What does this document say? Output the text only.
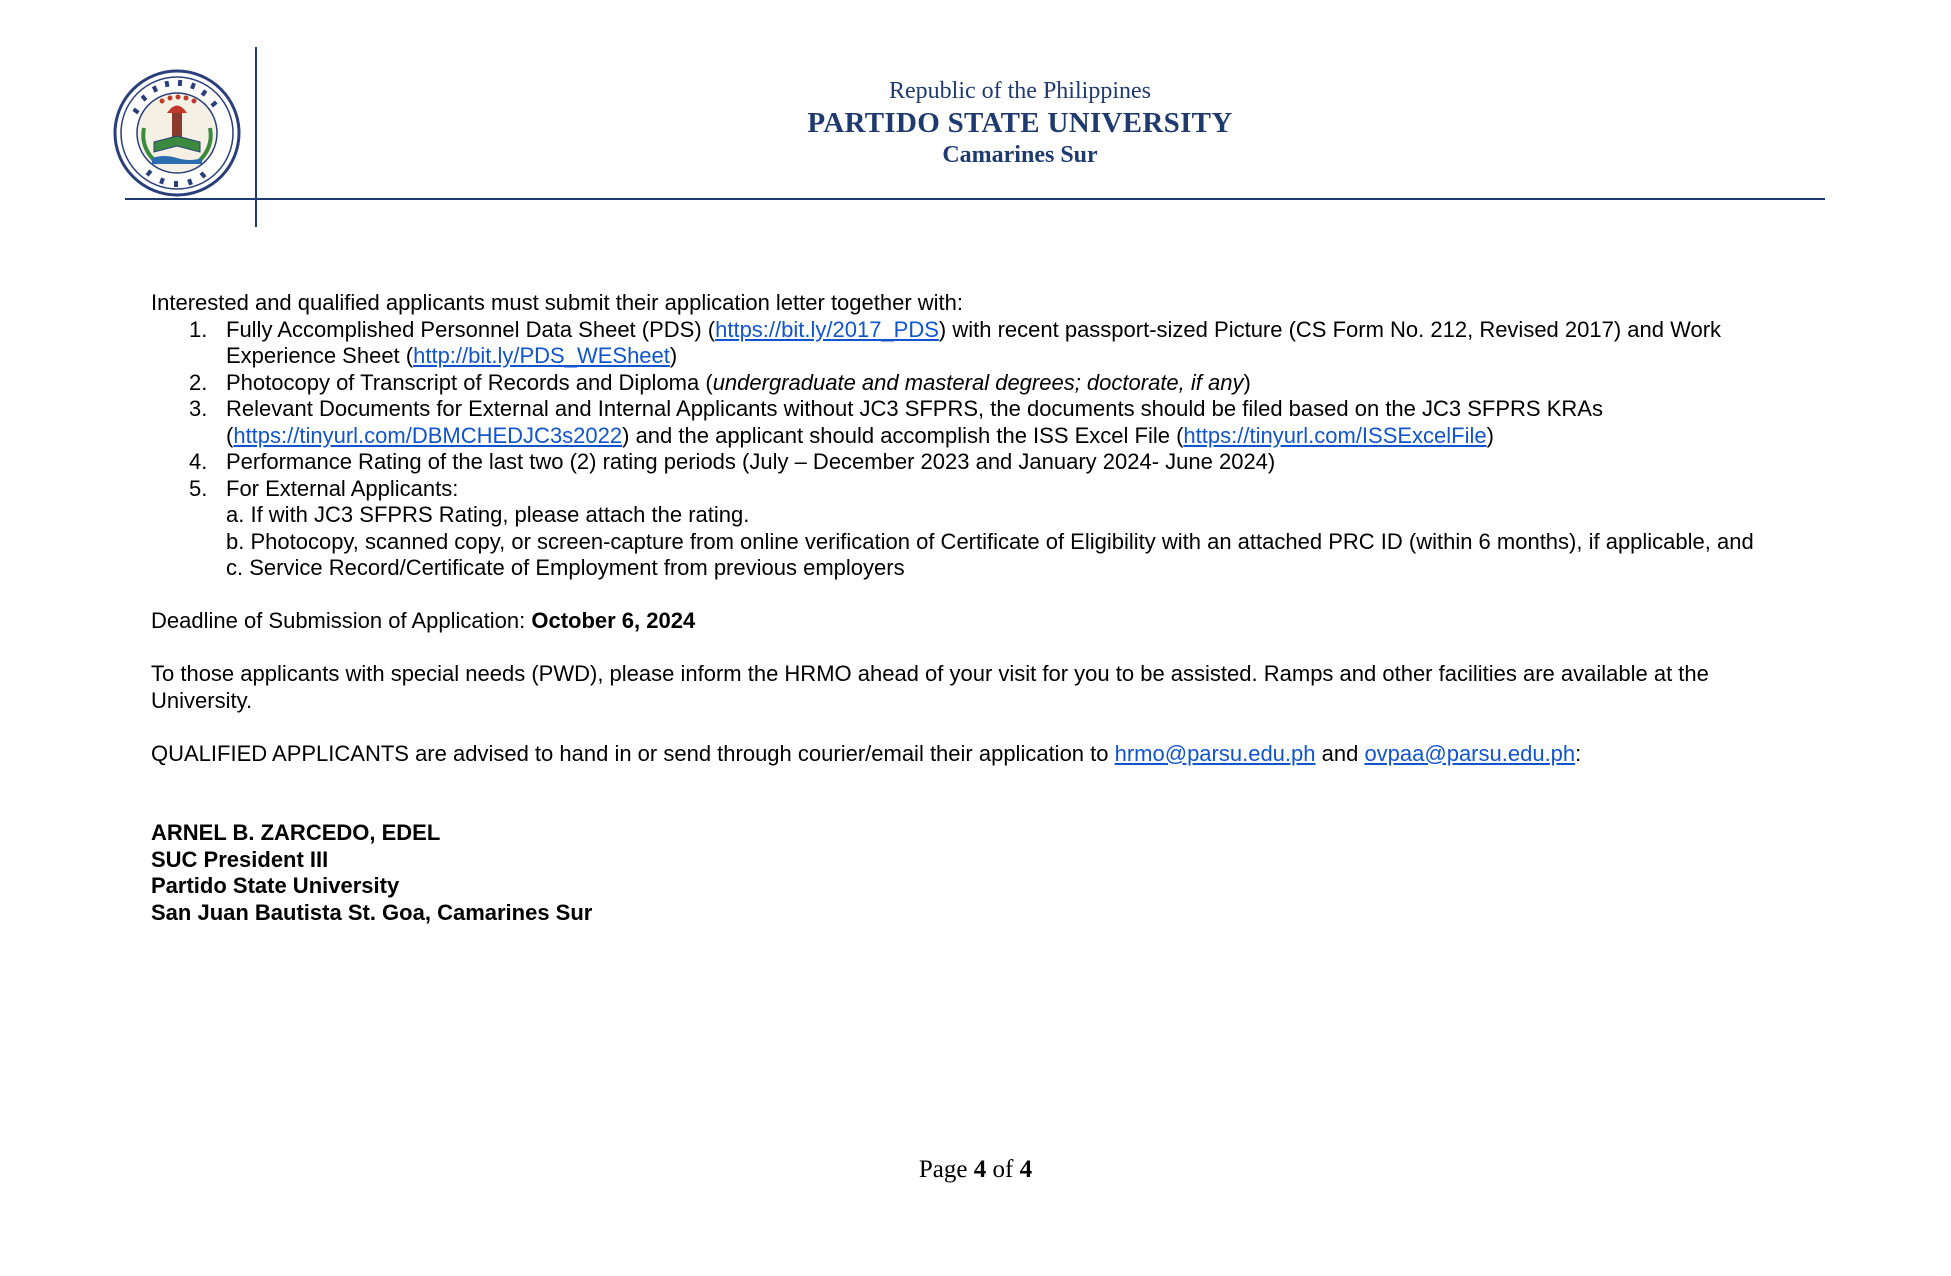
Republic of the Philippines
PARTIDO STATE UNIVERSITY
Camarines Sur

Interested and qualified applicants must submit their application letter together with:

1. Fully Accomplished Personnel Data Sheet (PDS) (https://bit.ly/2017_PDS) with recent passport-sized Picture (CS Form No. 212, Revised 2017) and Work Experience Sheet (http://bit.ly/PDS_WESheet)
2. Photocopy of Transcript of Records and Diploma (undergraduate and masteral degrees; doctorate, if any)
3. Relevant Documents for External and Internal Applicants without JC3 SFPRS, the documents should be filed based on the JC3 SFPRS KRAs (https://tinyurl.com/DBMCHEDJC3s2022) and the applicant should accomplish the ISS Excel File (https://tinyurl.com/ISSExcelFile)
4. Performance Rating of the last two (2) rating periods (July – December 2023 and January 2024- June 2024)
5. For External Applicants:
a. If with JC3 SFPRS Rating, please attach the rating.
b. Photocopy, scanned copy, or screen-capture from online verification of Certificate of Eligibility with an attached PRC ID (within 6 months), if applicable, and
c. Service Record/Certificate of Employment from previous employers

Deadline of Submission of Application: October 6, 2024

To those applicants with special needs (PWD), please inform the HRMO ahead of your visit for you to be assisted. Ramps and other facilities are available at the University.

QUALIFIED APPLICANTS are advised to hand in or send through courier/email their application to hrmo@parsu.edu.ph and ovpaa@parsu.edu.ph:

ARNEL B. ZARCEDO, EDEL

SUC President III

Partido State University

San Juan Bautista St. Goa, Camarines Sur

Page 4 of 4
